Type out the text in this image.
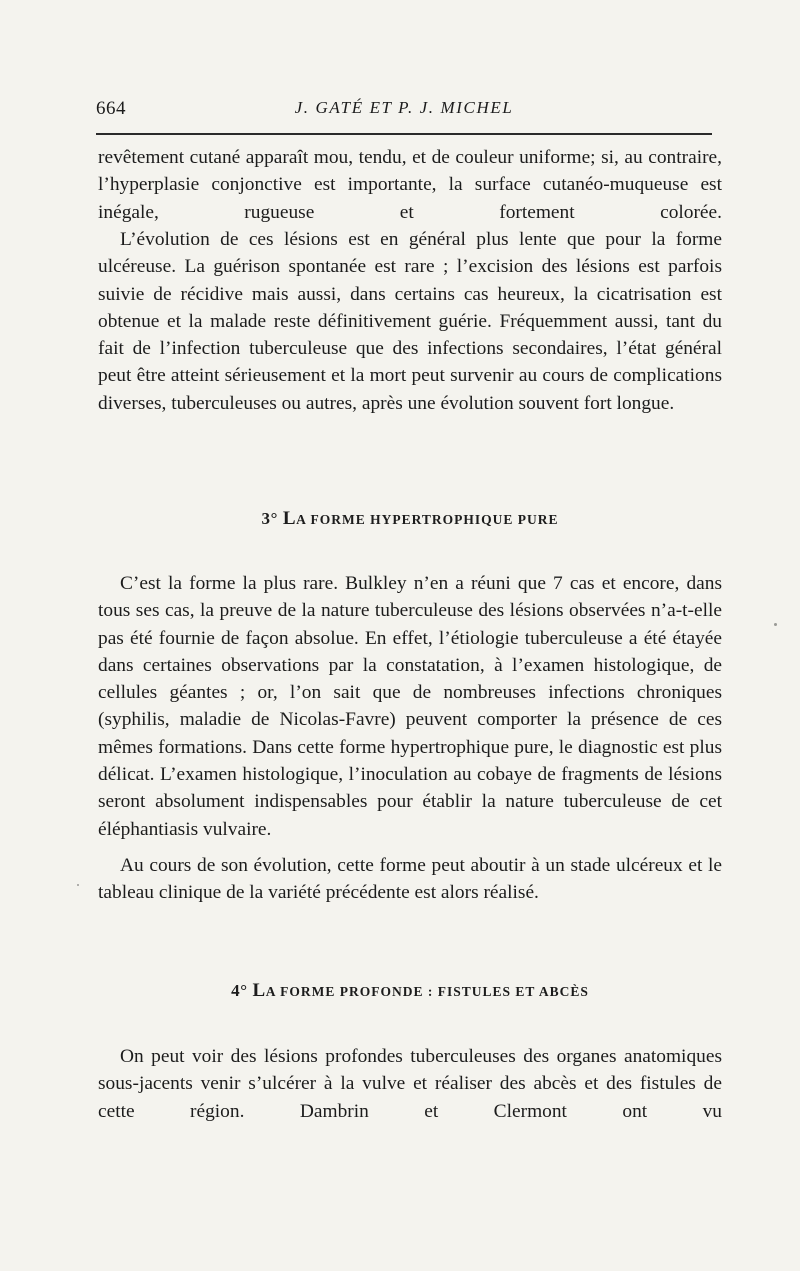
664	J. GATÉ ET P. J. MICHEL

revêtement cutané apparaît mou, tendu, et de couleur uniforme; si, au contraire, l’hyperplasie conjonctive est importante, la surface cutanéo-muqueuse est inégale, rugueuse et fortement colorée.

L’évolution de ces lésions est en général plus lente que pour la forme ulcéreuse. La guérison spontanée est rare ; l’excision des lésions est parfois suivie de récidive mais aussi, dans certains cas heureux, la cicatrisation est obtenue et la malade reste définitivement guérie. Fréquemment aussi, tant du fait de l’infection tuberculeuse que des infections secondaires, l’état général peut être atteint sérieusement et la mort peut survenir au cours de complications diverses, tuberculeuses ou autres, après une évolution souvent fort longue.

3° LA FORME HYPERTROPHIQUE PURE

C’est la forme la plus rare. Bulkley n’en a réuni que 7 cas et encore, dans tous ses cas, la preuve de la nature tuberculeuse des lésions observées n’a-t-elle pas été fournie de façon absolue. En effet, l’étiologie tuberculeuse a été étayée dans certaines observations par la constatation, à l’examen histologique, de cellules géantes ; or, l’on sait que de nombreuses infections chroniques (syphilis, maladie de Nicolas-Favre) peuvent comporter la présence de ces mêmes formations. Dans cette forme hypertrophique pure, le diagnostic est plus délicat. L’examen histologique, l’inoculation au cobaye de fragments de lésions seront absolument indispensables pour établir la nature tuberculeuse de cet éléphantiasis vulvaire.

Au cours de son évolution, cette forme peut aboutir à un stade ulcéreux et le tableau clinique de la variété précédente est alors réalisé.

4° LA FORME PROFONDE : FISTULES ET ABCÈS

On peut voir des lésions profondes tuberculeuses des organes anatomiques sous-jacents venir s’ulcérer à la vulve et réaliser des abcès et des fistules de cette région. Dambrin et Clermont ont vu
